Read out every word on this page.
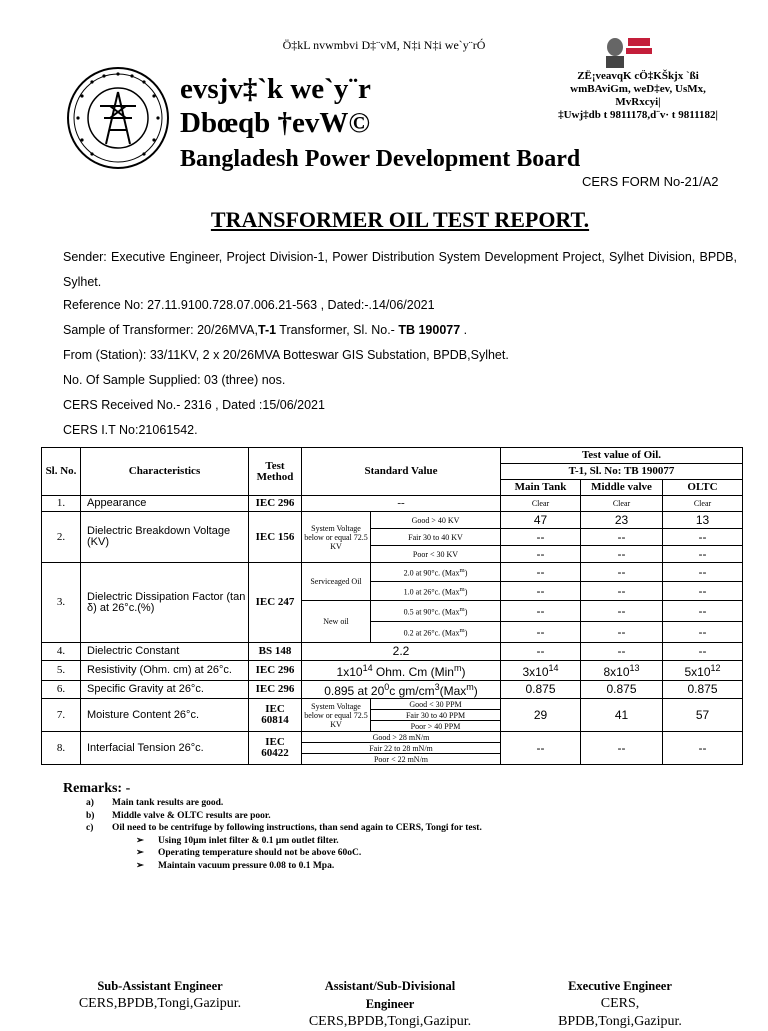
Ö‡kL nvwmbvi D‡¨vM, N‡i N‡i we`y¨rÓ
evsjv‡`k we`y¨r
Dbœqb †evW©
ZË¡veavqK cÖ‡KŠkjx `ßi
wmBAviGm, weD‡ev, UsMx,
MvRxcyi|
‡Uwj‡db t 9811178,d¨v· t 9811182|
Bangladesh Power Development Board
CERS FORM No-21/A2
TRANSFORMER OIL TEST REPORT.

Sender: Executive Engineer, Project Division-1, Power Distribution System Development Project, Sylhet Division, BPDB, Sylhet.

Reference No: 27.11.9100.728.07.006.21-563 , Dated:-.14/06/2021
Sample of Transformer: 20/26MVA,T-1 Transformer, Sl. No.- TB 190077 .
From (Station): 33/11KV, 2 x 20/26MVA Botteswar GIS Substation, BPDB,Sylhet.
No. Of Sample Supplied: 03 (three) nos.
CERS Received No.- 2316 , Dated :15/06/2021
CERS I.T No:21061542.
Sl. No.	Characteristics	Test Method	Standard Value		Test value of Oil.		
					T-1, Sl. No: TB 190077		
					Main Tank	Middle valve	OLTC
1.	Appearance	IEC 296	--		Clear	Clear	Clear
2.	Dielectric Breakdown Voltage (KV)	IEC 156	System Voltage below or equal 72.5 KV	Good > 40 KV	47	23	13
				Fair 30 to 40 KV	--	--	--
				Poor < 30 KV	--	--	--
3.	Dielectric Dissipation Factor (tan δ) at 26°c.(%)	IEC 247	Serviceaged Oil	2.0 at 90°c. (Max$^m$)	--	--	--
				1.0 at 26°c. (Max$^m$)	--	--	--
			New oil	0.5 at 90°c. (Max$^m$)	--	--	--
				0.2 at 26°c. (Max$^m$)	--	--	--
4.	Dielectric Constant	BS 148	2.2		--	--	--
5.	Resistivity (Ohm. cm) at 26°c.	IEC 296	$1x10^{14}$ Ohm. Cm (Min$^m$)		$3x10^{14}$	$8x10^{13}$	$5x10^{12}$
6.	Specific Gravity at 26°c.	IEC 296	0.895 at $20^0c$ $gm/cm^3(Max^m)$		0.875	0.875	0.875
7.	Moisture Content 26°c.	IEC 60814	System Voltage below or equal 72.5 KV	Good < 30 PPM	29	41	57
				Fair 30 to 40 PPM			
				Poor > 40 PPM			
8.	Interfacial Tension 26°c.	IEC 60422	Good > 28 mN/m		--	--	--
			Fair 22 to 28 mN/m				
			Poor < 22 mN/m				
Remarks: -
a) Main tank results are good.
b) Middle valve & OLTC results are poor.
c) Oil need to be centrifuge by following instructions, than send again to CERS, Tongi for test.
➢ Using 10μm inlet filter & 0.1 μm outlet filter.
➢ Operating temperature should not be above 60oC.
➢ Maintain vacuum pressure 0.08 to 0.1 Mpa.
Sub-Assistant Engineer
CERS,BPDB,Tongi,Gazipur.
Assistant/Sub-Divisional
Engineer
CERS,BPDB,Tongi,Gazipur.
Executive Engineer
CERS,
BPDB,Tongi,Gazipur.
